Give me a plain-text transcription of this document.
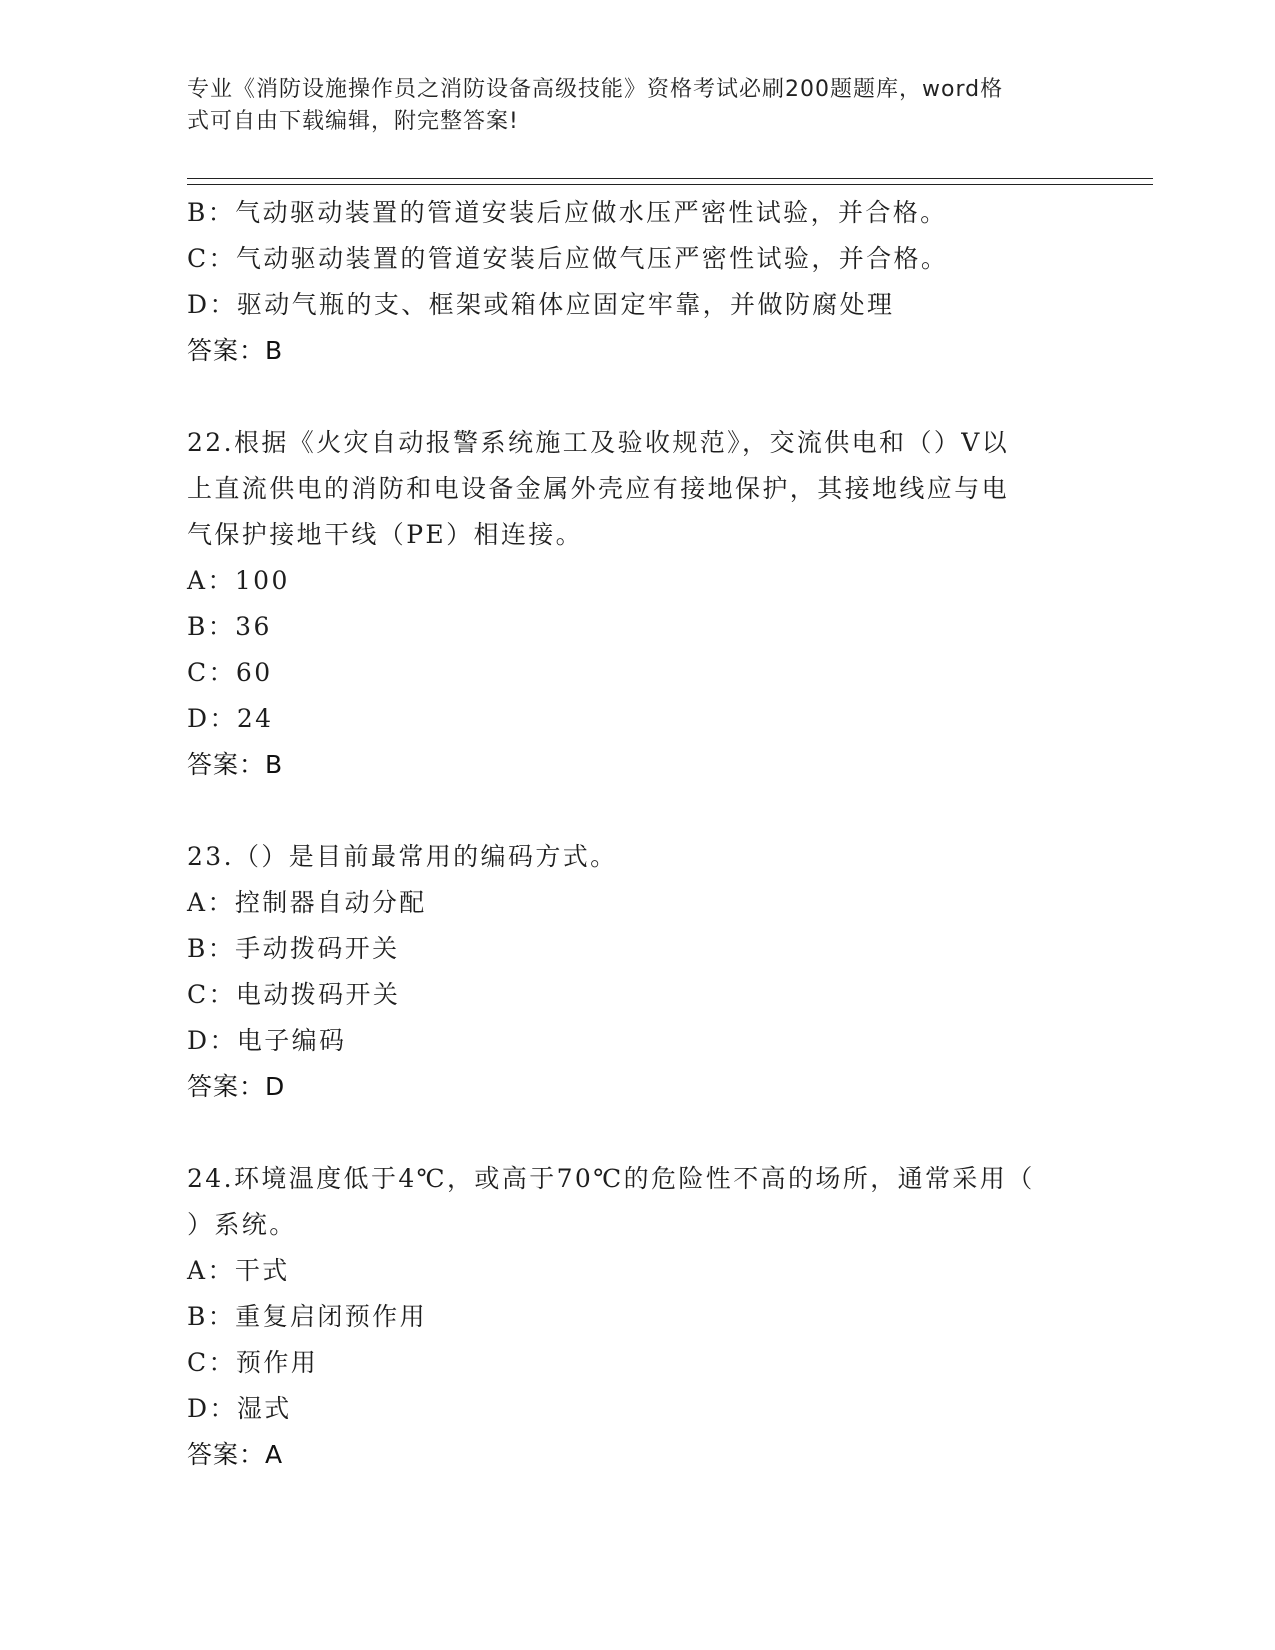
专业《消防设施操作员之消防设备高级技能》资格考试必刷200题题库，word格
式可自由下载编辑，附完整答案!
B：气动驱动装置的管道安装后应做水压严密性试验，并合格。
C：气动驱动装置的管道安装后应做气压严密性试验，并合格。
D：驱动气瓶的支、框架或箱体应固定牢靠，并做防腐处理
答案：B
22.根据《火灾自动报警系统施工及验收规范》，交流供电和（）V以
上直流供电的消防和电设备金属外壳应有接地保护，其接地线应与电
气保护接地干线（PE）相连接。
A：100
B：36
C：60
D：24
答案：B
23.（）是目前最常用的编码方式。
A：控制器自动分配
B：手动拨码开关
C：电动拨码开关
D：电子编码
答案：D
24.环境温度低于4℃，或高于70℃的危险性不高的场所，通常采用（
）系统。
A：干式
B：重复启闭预作用
C：预作用
D：湿式
答案：A
